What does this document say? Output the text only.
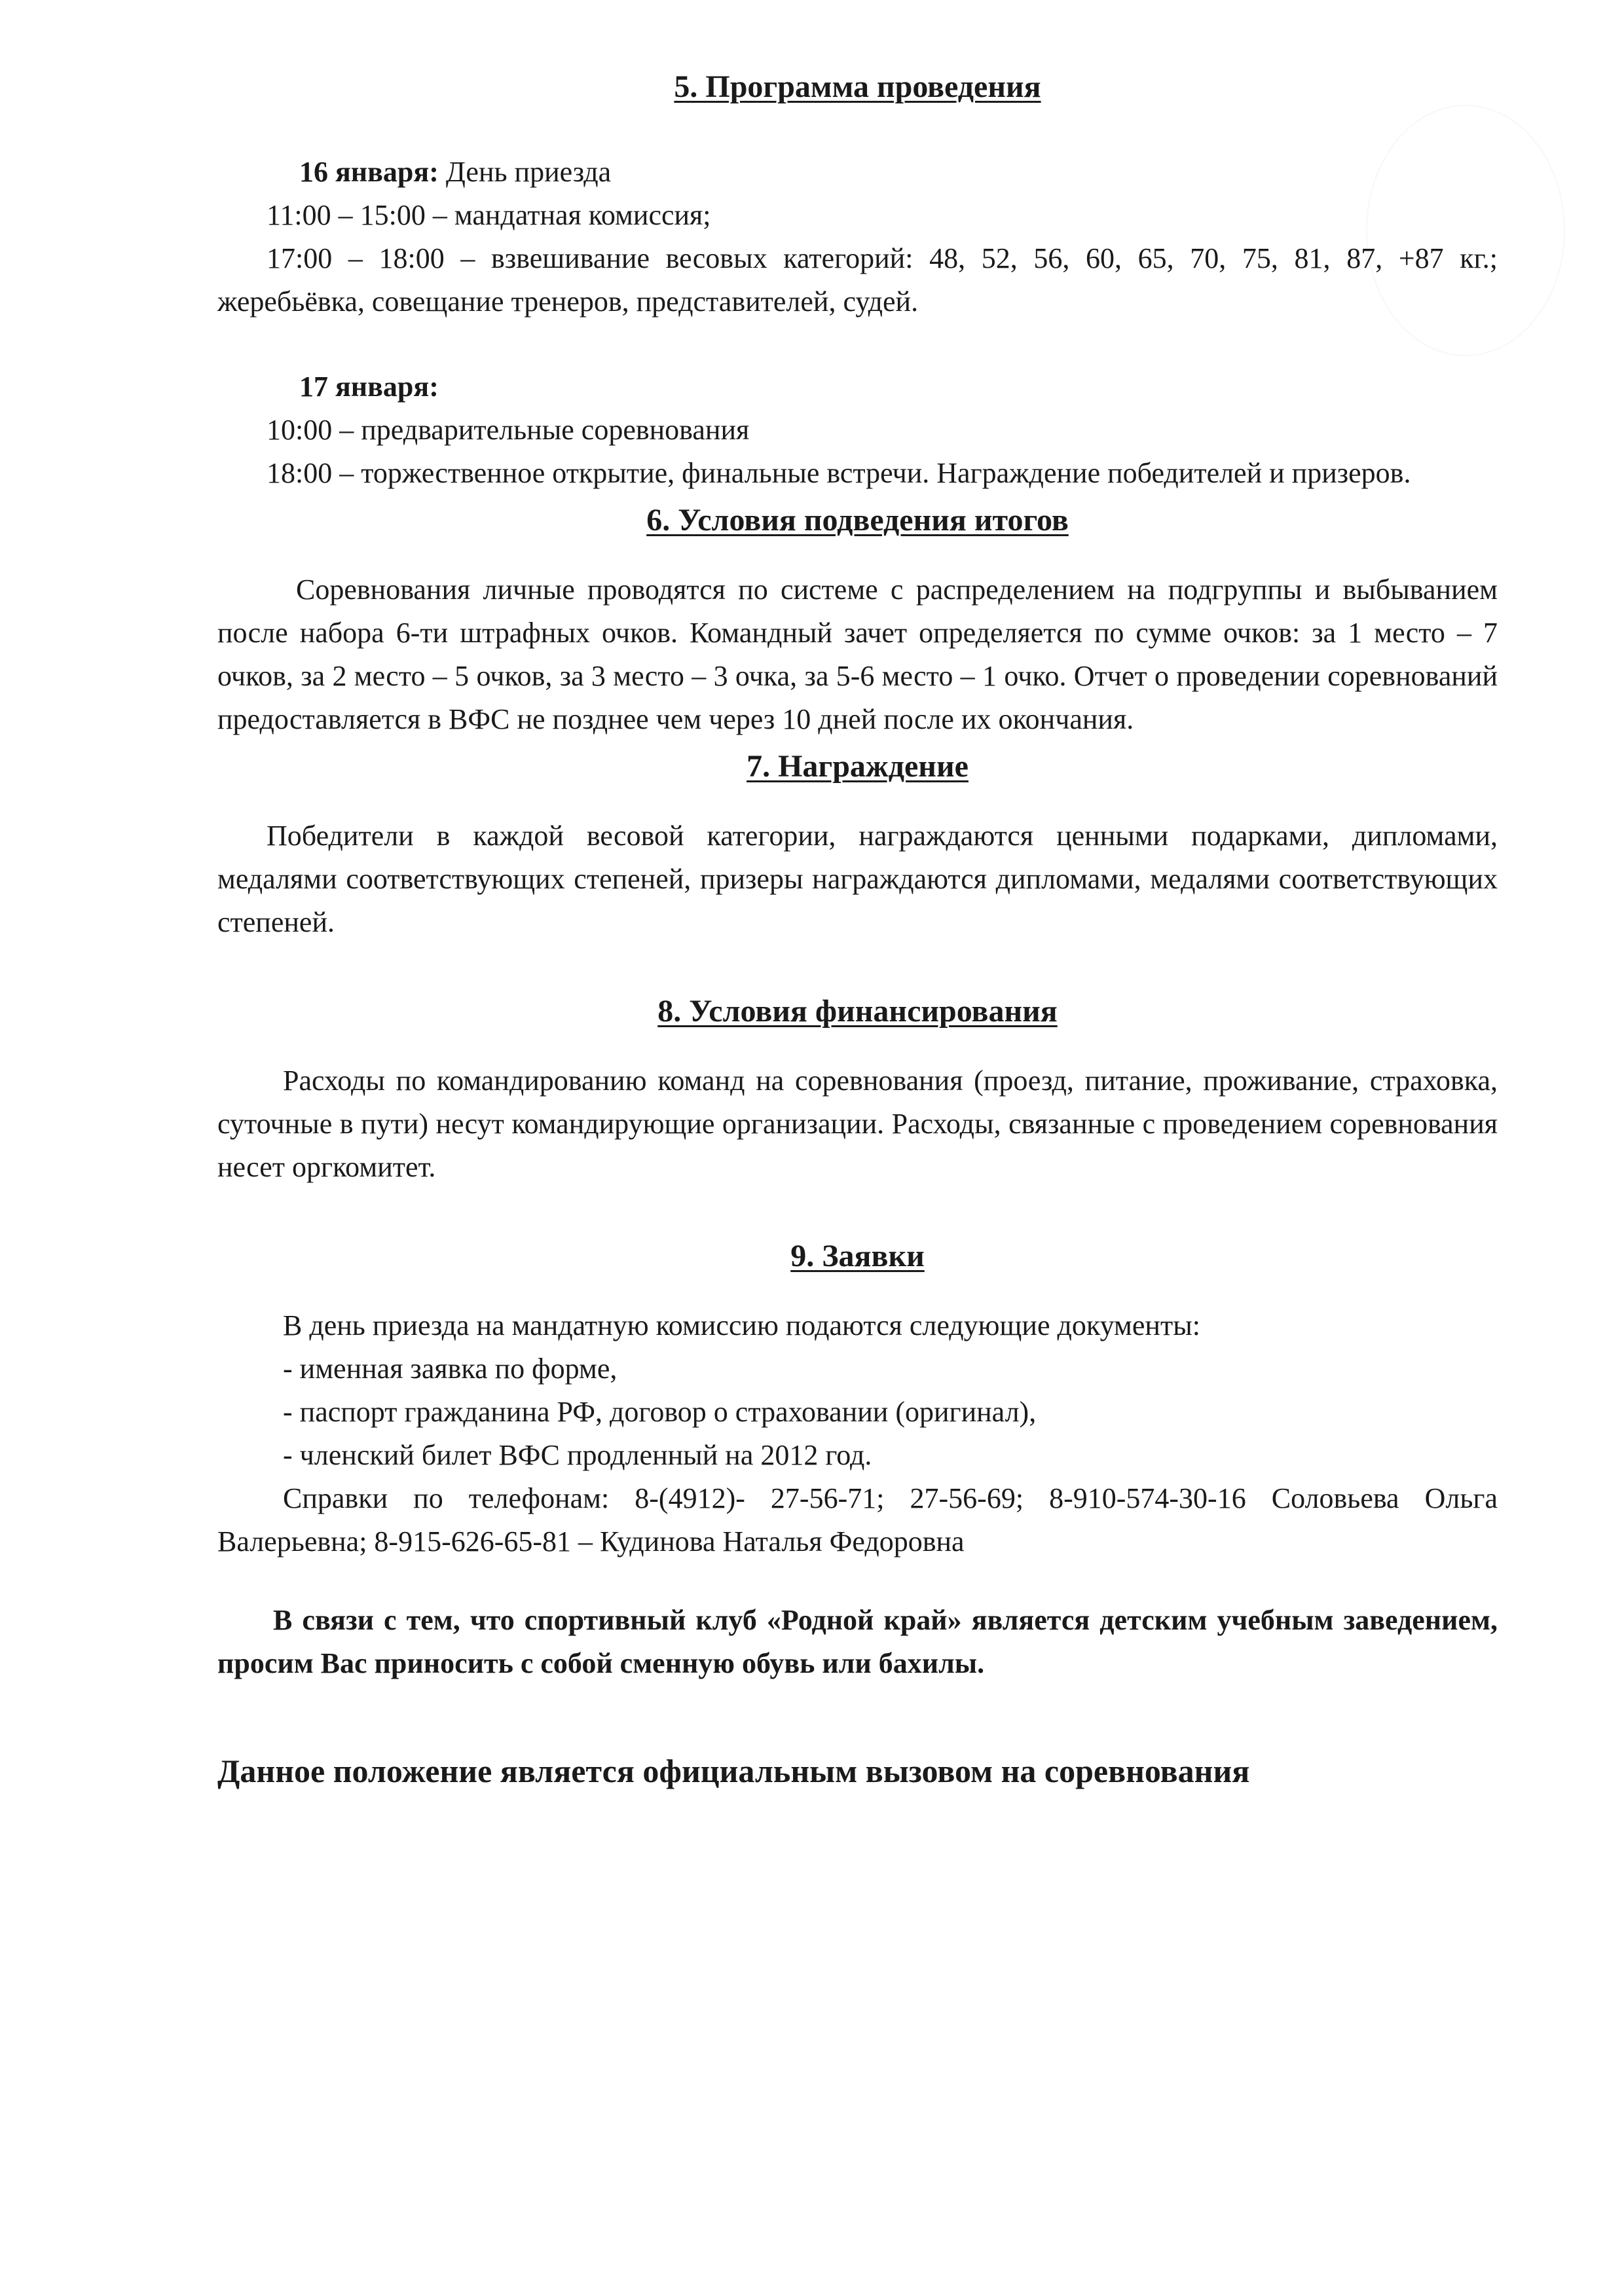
5. Программа проведения
16 января: День приезда
11:00 – 15:00 – мандатная комиссия;
17:00 – 18:00 – взвешивание весовых категорий: 48, 52, 56, 60, 65, 70, 75, 81, 87, +87 кг.; жеребьёвка, совещание тренеров, представителей, судей.
17 января:
10:00 – предварительные соревнования
18:00 – торжественное открытие, финальные встречи. Награждение победителей и призеров.
6. Условия подведения итогов
Соревнования личные проводятся по системе с распределением на подгруппы и выбыванием после набора 6-ти штрафных очков. Командный зачет определяется по сумме очков: за 1 место – 7 очков, за 2 место – 5 очков, за 3 место – 3 очка, за 5-6 место – 1 очко. Отчет о проведении соревнований предоставляется в ВФС не позднее чем через 10 дней после их окончания.
7. Награждение
Победители в каждой весовой категории, награждаются ценными подарками, дипломами, медалями соответствующих степеней, призеры награждаются дипломами, медалями соответствующих степеней.
8. Условия финансирования
Расходы по командированию команд на соревнования (проезд, питание, проживание, страховка, суточные в пути) несут командирующие организации. Расходы, связанные с проведением соревнования несет оргкомитет.
9. Заявки
В день приезда на мандатную комиссию подаются следующие документы:
- именная заявка по форме,
- паспорт гражданина РФ, договор о страховании (оригинал),
- членский билет ВФС продленный на 2012 год.
Справки по телефонам: 8-(4912)- 27-56-71; 27-56-69; 8-910-574-30-16 Соловьева Ольга Валерьевна; 8-915-626-65-81 – Кудинова Наталья Федоровна
В связи с тем, что спортивный клуб «Родной край» является детским учебным заведением, просим Вас приносить с собой сменную обувь или бахилы.
Данное положение является официальным вызовом на соревнования
